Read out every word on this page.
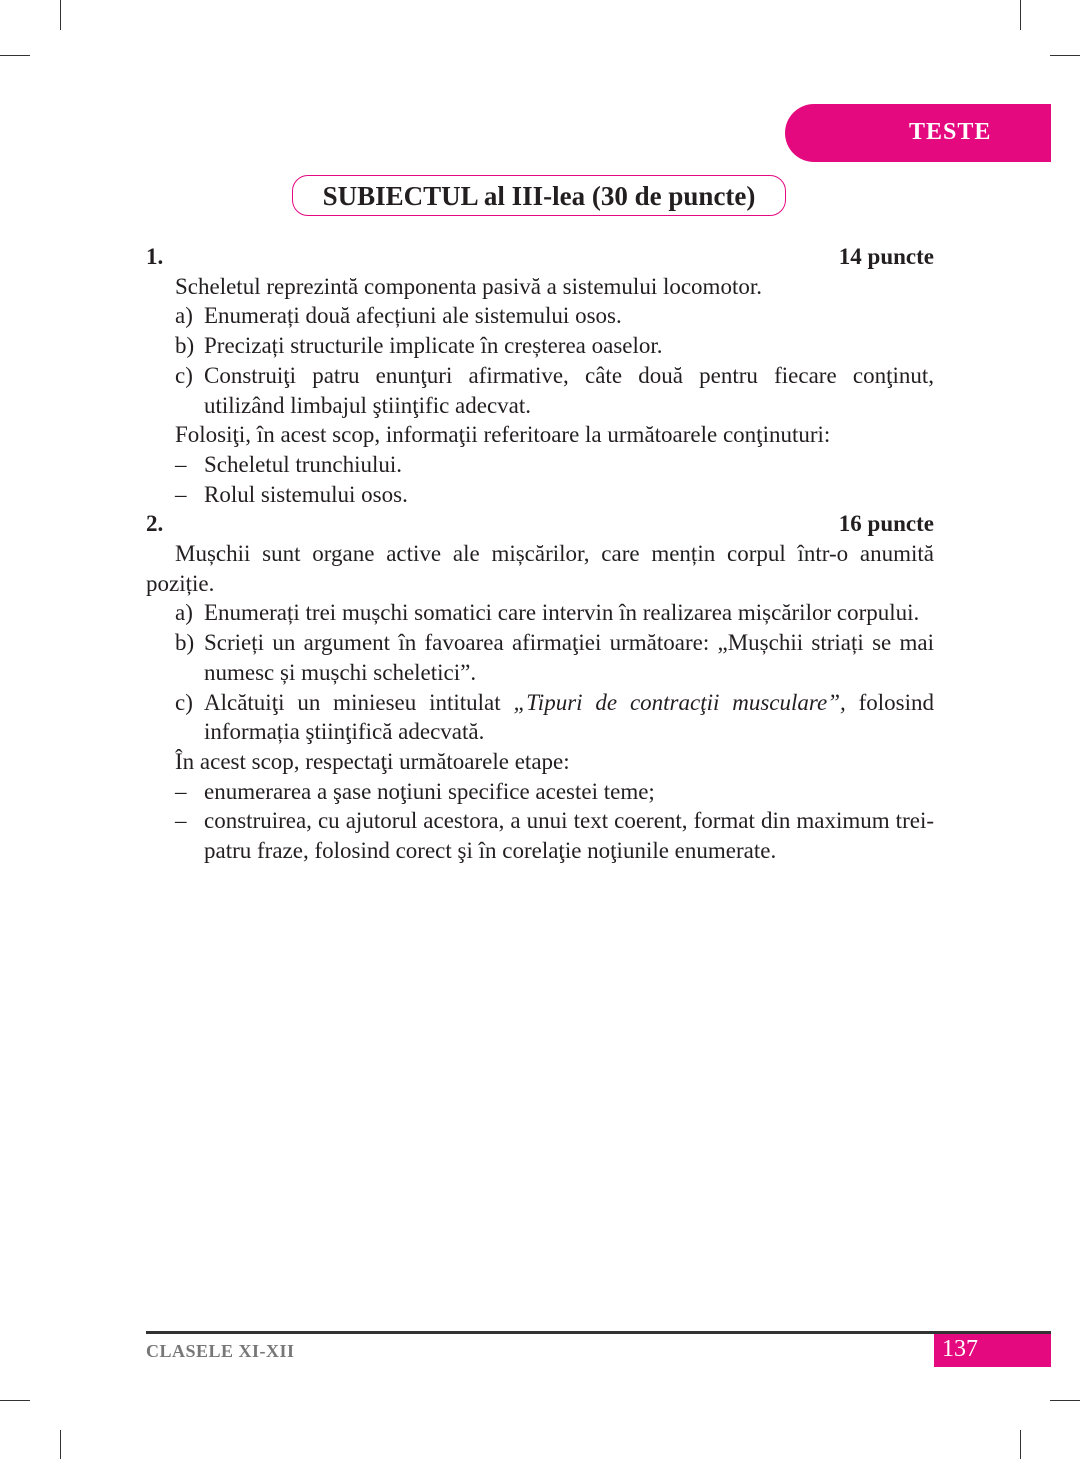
TESTE
SUBIECTUL al III-lea (30 de puncte)
1.	14 puncte
Scheletul reprezintă componenta pasivă a sistemului locomotor.
a) Enumerați două afecțiuni ale sistemului osos.
b) Precizați structurile implicate în creșterea oaselor.
c) Construiţi patru enunţuri afirmative, câte două pentru fiecare conţinut, utilizând limbajul ştiinţific adecvat.
Folosiţi, în acest scop, informaţii referitoare la următoarele conţinuturi:
– Scheletul trunchiului.
– Rolul sistemului osos.
2.	16 puncte
Mușchii sunt organe active ale mișcărilor, care mențin corpul într-o anumită poziție.
a) Enumerați trei mușchi somatici care intervin în realizarea mișcărilor corpului.
b) Scrieți un argument în favoarea afirmaţiei următoare: „Mușchii striați se mai numesc și mușchi scheletici”.
c) Alcătuiţi un minieseu intitulat „Tipuri de contracţii musculare”, folosind informația ştiinţifică adecvată.
În acest scop, respectaţi următoarele etape:
– enumerarea a şase noţiuni specifice acestei teme;
– construirea, cu ajutorul acestora, a unui text coerent, format din maximum trei-patru fraze, folosind corect şi în corelaţie noţiunile enumerate.
CLASELE XI-XII	137
